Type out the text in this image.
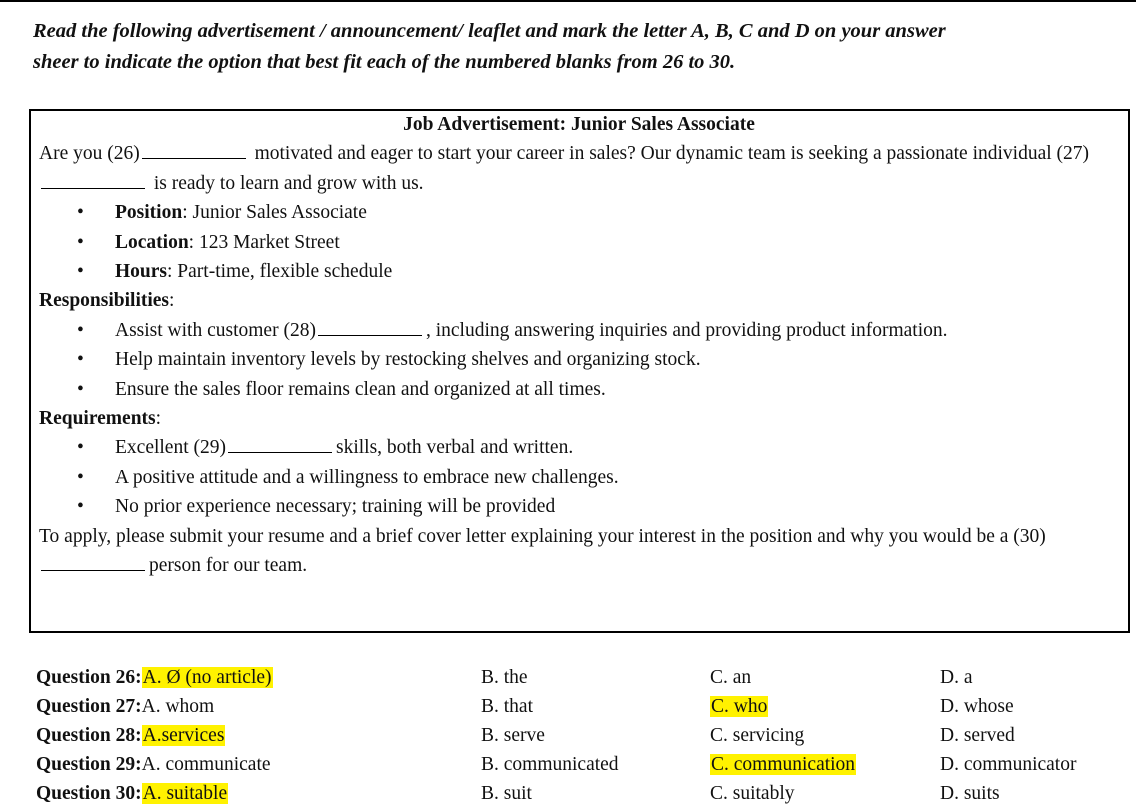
Read the following advertisement / announcement/ leaflet and mark the letter A, B, C and D on your answer
sheer to indicate the option that best fit each of the numbered blanks from 26 to 30.
Job Advertisement: Junior Sales Associate

Are you (26)	motivated and eager to start your career in sales? Our dynamic team is seeking a passionate individual (27) is ready to learn and grow with us.

• Position: Junior Sales Associate
• Location: 123 Market Street
• Hours: Part-time, flexible schedule
Responsibilities:
• Assist with customer (28)	, including answering inquiries and providing product information.
• Help maintain inventory levels by restocking shelves and organizing stock.
• Ensure the sales floor remains clean and organized at all times.
Requirements:
• Excellent (29)	skills, both verbal and written.
• A positive attitude and a willingness to embrace new challenges.
• No prior experience necessary; training will be provided

To apply, please submit your resume and a brief cover letter explaining your interest in the position and why you would be a (30)person for our team.

Question 26:A. Ø (no article)	B. the	C. an	D. a
Question 27:A. whom	B. that	C. who	D. whose
Question 28:A.services	B. serve	C. servicing	D. served
Question 29:A. communicate	B. communicated	C. communication	D. communicator
Question 30:A. suitable	B. suit	C. suitably	D. suits
